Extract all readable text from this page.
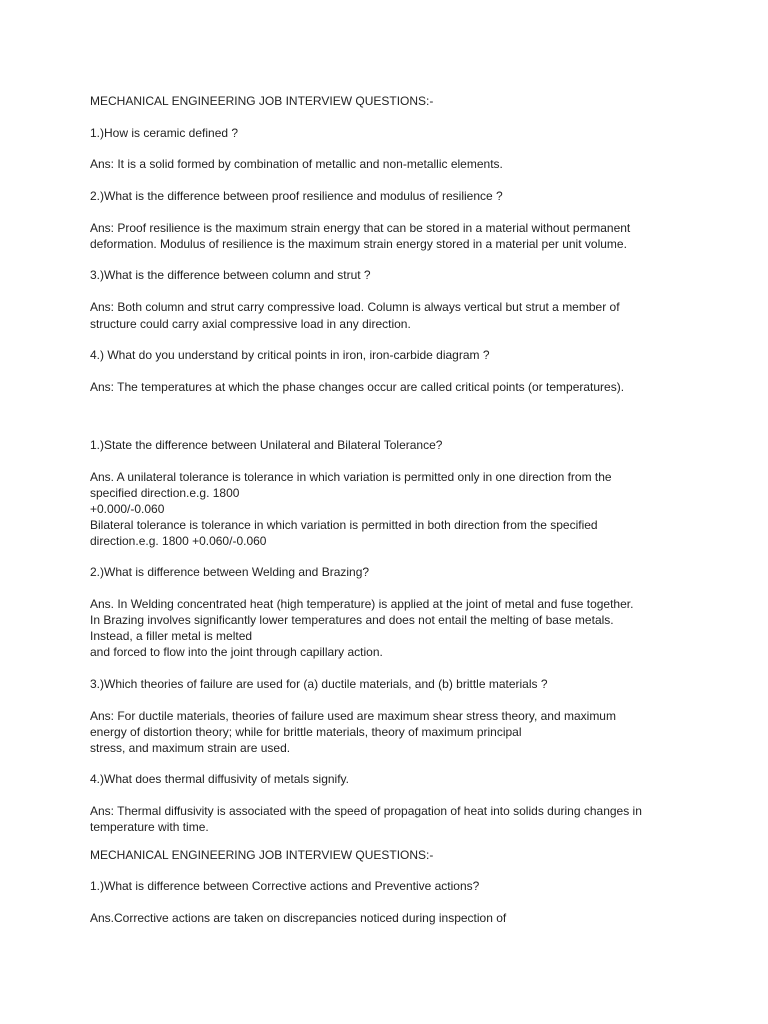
MECHANICAL ENGINEERING JOB INTERVIEW QUESTIONS:-
1.)How is ceramic defined ?
Ans: It is a solid formed by combination of metallic and non-metallic elements.
2.)What is the difference between proof resilience and modulus of resilience ?
Ans: Proof resilience is the maximum strain energy that can be stored in a material without permanent
deformation. Modulus of resilience is the maximum strain energy stored in a material per unit volume.
3.)What is the difference between column and strut ?
Ans: Both column and strut carry compressive load. Column is always vertical but strut a member of
structure could carry axial compressive load in any direction.
4.) What do you understand by critical points in iron, iron-carbide diagram ?
Ans: The temperatures at which the phase changes occur are called critical points (or temperatures).
1.)State the difference between Unilateral and Bilateral Tolerance?
Ans. A unilateral tolerance is tolerance in which variation is permitted only in one direction from the
specified direction.e.g. 1800
+0.000/-0.060
Bilateral tolerance is tolerance in which variation is permitted in both direction from the specified
direction.e.g. 1800 +0.060/-0.060
2.)What is difference between Welding and Brazing?
Ans. In Welding concentrated heat (high temperature) is applied at the joint of metal and fuse together.
In Brazing involves significantly lower temperatures and does not entail the melting of base metals.
Instead, a filler metal is melted
and forced to flow into the joint through capillary action.
3.)Which theories of failure are used for (a) ductile materials, and (b) brittle materials ?
Ans: For ductile materials, theories of failure used are maximum shear stress theory, and maximum
energy of distortion theory; while for brittle materials, theory of maximum principal
stress, and maximum strain are used.
4.)What does thermal diffusivity of metals signify.
Ans: Thermal diffusivity is associated with the speed of propagation of heat into solids during changes in
temperature with time.
MECHANICAL ENGINEERING JOB INTERVIEW QUESTIONS:-
1.)What is difference between Corrective actions and Preventive actions?
Ans.Corrective actions are taken on discrepancies noticed during inspection of
